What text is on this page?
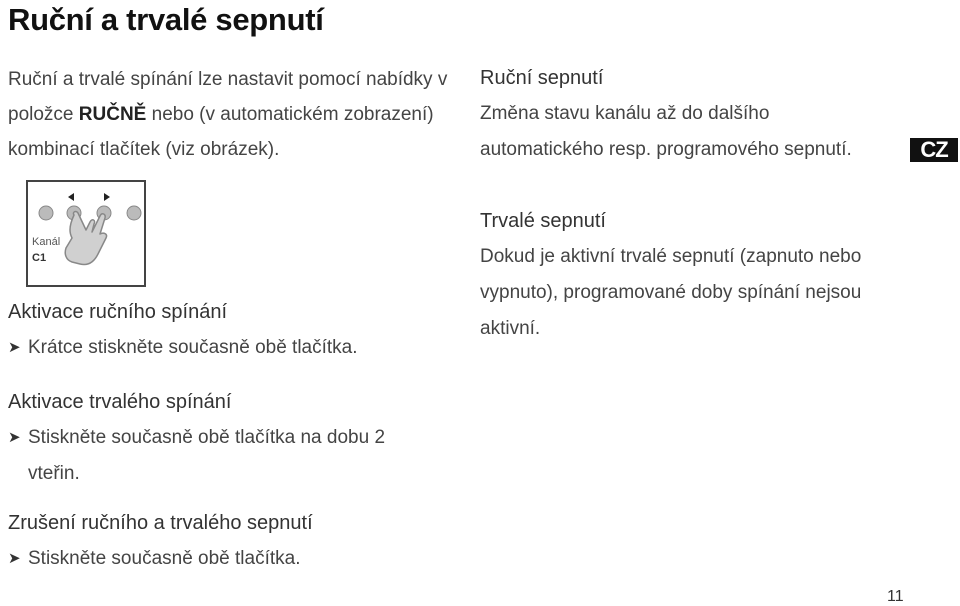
Ruční a trvalé sepnutí
Ruční a trvalé spínání lze nastavit pomocí nabídky v položce RUČNĚ nebo (v automatickém zobrazení) kombinací tlačítek (viz obrázek).
Kanál
C1
Aktivace ručního spínání
➤ Krátce stiskněte současně obě tlačítka.
Aktivace trvalého spínání
➤ Stiskněte současně obě tlačítka na dobu 2 vteřin.
Zrušení ručního a trvalého sepnutí
➤ Stiskněte současně obě tlačítka.
Ruční sepnutí
Změna stavu kanálu až do dalšího automatického resp. programového sepnutí.
Trvalé sepnutí
Dokud je aktivní trvalé sepnutí (zapnuto nebo vypnuto), programované doby spínání nejsou aktivní.
CZ
11
